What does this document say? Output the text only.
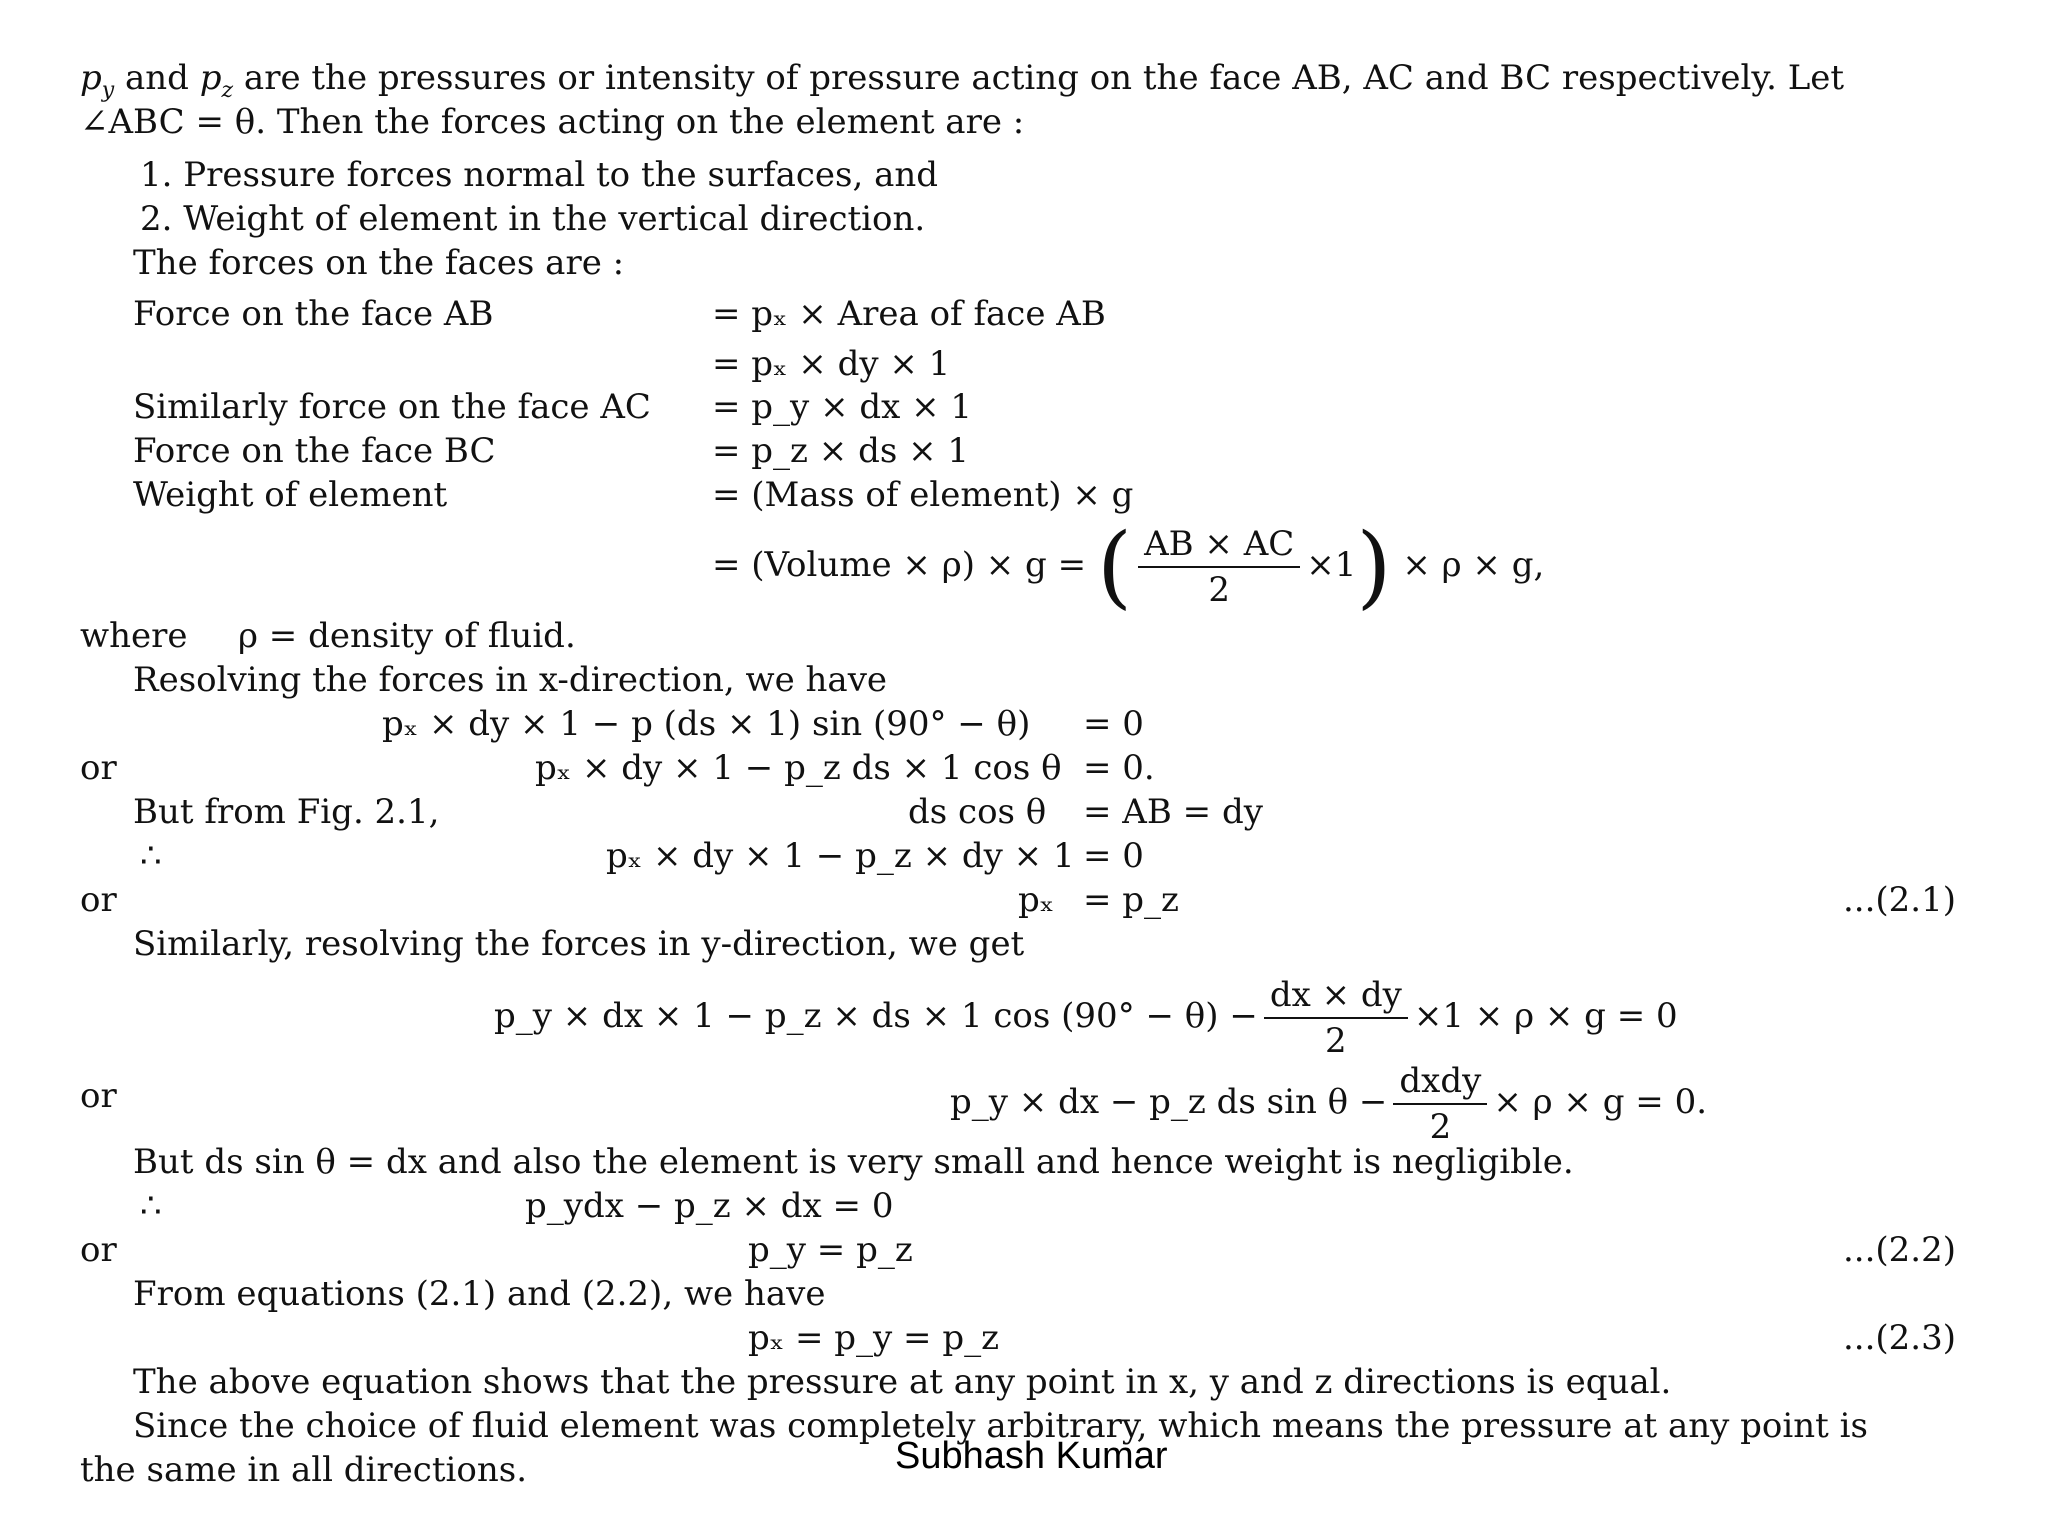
$p_y$ and $p_z$ are the pressures or intensity of pressure acting on the face AB, AC and BC respectively. Let
∠ABC = θ. Then the forces acting on the element are :
1. Pressure forces normal to the surfaces, and
2. Weight of element in the vertical direction.
The forces on the faces are :
Force on the face AB	= pₓ × Area of face AB
= pₓ × dy × 1
Similarly force on the face AC = p_y × dx × 1
Force on the face BC	= p_z × ds × 1
Weight of element	= (Mass of element) × g
= (Volume × ρ) × g = ( $\frac{AB \times AC}{2} \times 1) \times \rho \times g$,
where ρ = density of fluid.
Resolving the forces in x-direction, we have
pₓ × dy × 1 − p (ds × 1) sin (90° − θ) = 0
or	pₓ × dy × 1 − p_z ds × 1 cos θ = 0.
But from Fig. 2.1,	ds cos θ = AB = dy
∴	pₓ × dy × 1 − p_z × dy × 1 = 0
or	pₓ = p_z	...(2.1)
Similarly, resolving the forces in y-direction, we get
p_y × dx × 1 − p_z × ds × 1 $\cos (90^\circ - \theta) - \frac{dx \times dy}{2} \times 1 \times \rho \times g = 0$
or	p_y × dx − p_z ds $\sin \theta - \frac{\text{dxdy}}{2} \times \rho \times g = 0$.
But ds sin θ = dx and also the element is very small and hence weight is negligible.
∴	p_ydx − p_z × dx = 0
or	p_y = p_z	...(2.2)
From equations (2.1) and (2.2), we have
pₓ = p_y = p_z	...(2.3)
The above equation shows that the pressure at any point in x, y and z directions is equal.
Since the choice of fluid element was completely arbitrary, which means the pressure at any point is
the same in all directions.	Subhash Kumar
